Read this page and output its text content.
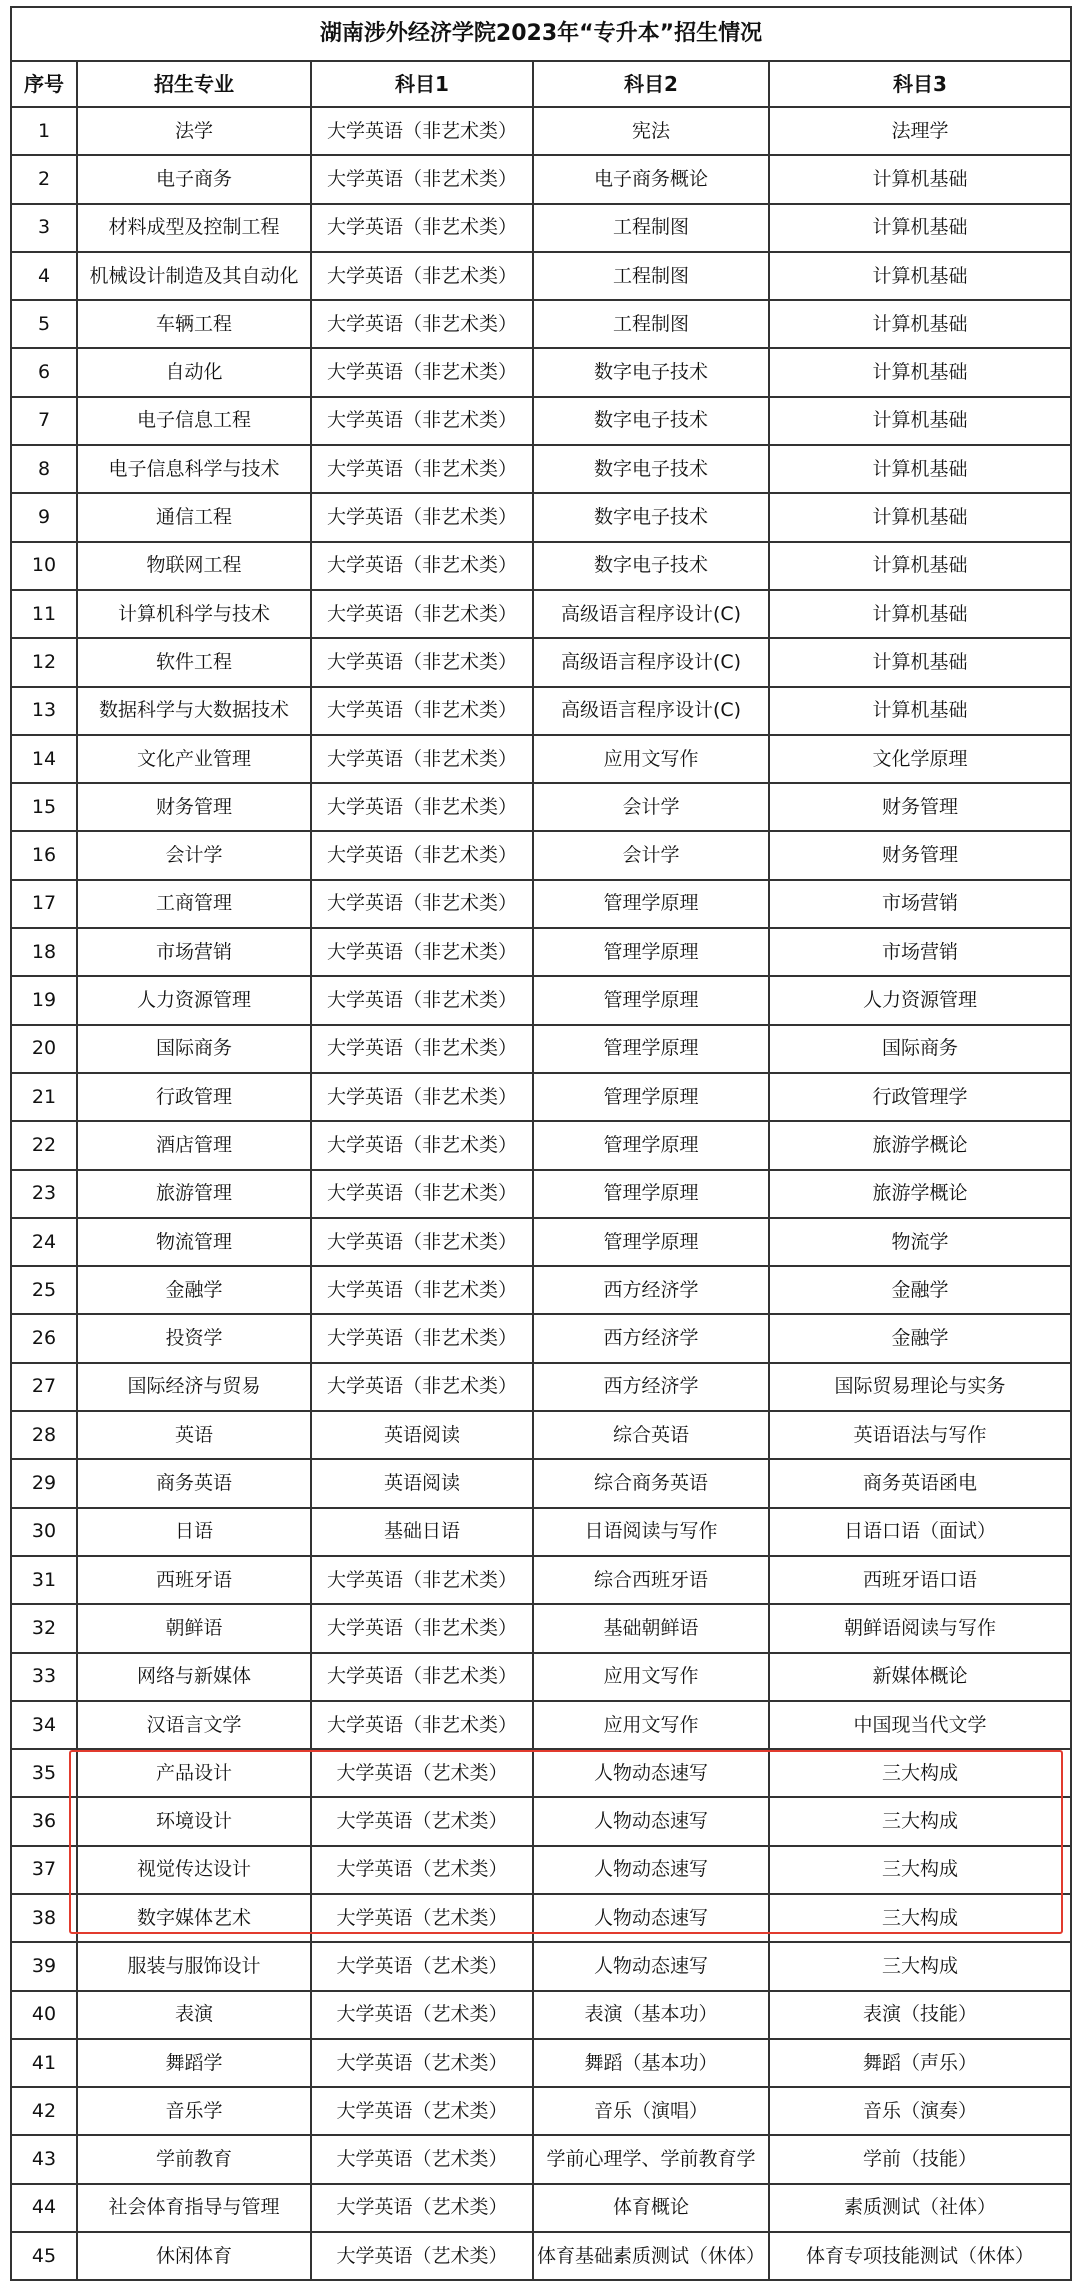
湖南涉外经济学院2023年“专升本”招生情况				
序号	招生专业	科目1	科目2	科目3
1	法学	大学英语（非艺术类）	宪法	法理学
2	电子商务	大学英语（非艺术类）	电子商务概论	计算机基础
3	材料成型及控制工程	大学英语（非艺术类）	工程制图	计算机基础
4	机械设计制造及其自动化	大学英语（非艺术类）	工程制图	计算机基础
5	车辆工程	大学英语（非艺术类）	工程制图	计算机基础
6	自动化	大学英语（非艺术类）	数字电子技术	计算机基础
7	电子信息工程	大学英语（非艺术类）	数字电子技术	计算机基础
8	电子信息科学与技术	大学英语（非艺术类）	数字电子技术	计算机基础
9	通信工程	大学英语（非艺术类）	数字电子技术	计算机基础
10	物联网工程	大学英语（非艺术类）	数字电子技术	计算机基础
11	计算机科学与技术	大学英语（非艺术类）	高级语言程序设计(C)	计算机基础
12	软件工程	大学英语（非艺术类）	高级语言程序设计(C)	计算机基础
13	数据科学与大数据技术	大学英语（非艺术类）	高级语言程序设计(C)	计算机基础
14	文化产业管理	大学英语（非艺术类）	应用文写作	文化学原理
15	财务管理	大学英语（非艺术类）	会计学	财务管理
16	会计学	大学英语（非艺术类）	会计学	财务管理
17	工商管理	大学英语（非艺术类）	管理学原理	市场营销
18	市场营销	大学英语（非艺术类）	管理学原理	市场营销
19	人力资源管理	大学英语（非艺术类）	管理学原理	人力资源管理
20	国际商务	大学英语（非艺术类）	管理学原理	国际商务
21	行政管理	大学英语（非艺术类）	管理学原理	行政管理学
22	酒店管理	大学英语（非艺术类）	管理学原理	旅游学概论
23	旅游管理	大学英语（非艺术类）	管理学原理	旅游学概论
24	物流管理	大学英语（非艺术类）	管理学原理	物流学
25	金融学	大学英语（非艺术类）	西方经济学	金融学
26	投资学	大学英语（非艺术类）	西方经济学	金融学
27	国际经济与贸易	大学英语（非艺术类）	西方经济学	国际贸易理论与实务
28	英语	英语阅读	综合英语	英语语法与写作
29	商务英语	英语阅读	综合商务英语	商务英语函电
30	日语	基础日语	日语阅读与写作	日语口语（面试）
31	西班牙语	大学英语（非艺术类）	综合西班牙语	西班牙语口语
32	朝鲜语	大学英语（非艺术类）	基础朝鲜语	朝鲜语阅读与写作
33	网络与新媒体	大学英语（非艺术类）	应用文写作	新媒体概论
34	汉语言文学	大学英语（非艺术类）	应用文写作	中国现当代文学
35	产品设计	大学英语（艺术类）	人物动态速写	三大构成
36	环境设计	大学英语（艺术类）	人物动态速写	三大构成
37	视觉传达设计	大学英语（艺术类）	人物动态速写	三大构成
38	数字媒体艺术	大学英语（艺术类）	人物动态速写	三大构成
39	服装与服饰设计	大学英语（艺术类）	人物动态速写	三大构成
40	表演	大学英语（艺术类）	表演（基本功）	表演（技能）
41	舞蹈学	大学英语（艺术类）	舞蹈（基本功）	舞蹈（声乐）
42	音乐学	大学英语（艺术类）	音乐（演唱）	音乐（演奏）
43	学前教育	大学英语（艺术类）	学前心理学、学前教育学	学前（技能）
44	社会体育指导与管理	大学英语（艺术类）	体育概论	素质测试（社体）
45	休闲体育	大学英语（艺术类）	体育基础素质测试（休体）	体育专项技能测试（休体）
